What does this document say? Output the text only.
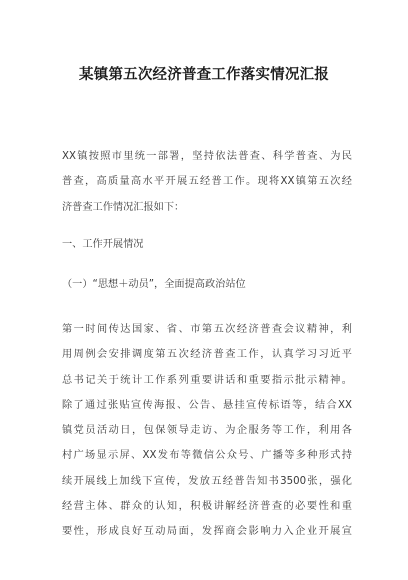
某镇第五次经济普查工作落实情况汇报

XX镇按照市里统一部署，坚持依法普查、科学普查、为民
普查，高质量高水平开展五经普工作。现将XX镇第五次经
济普查工作情况汇报如下：

一、工作开展情况

（一）“思想＋动员”，全面提高政治站位

第一时间传达国家、省、市第五次经济普查会议精神，利
用周例会安排调度第五次经济普查工作，认真学习习近平
总书记关于统计工作系列重要讲话和重要指示批示精神。
除了通过张贴宣传海报、公告、悬挂宣传标语等，结合XX
镇党员活动日，包保领导走访、为企服务等工作，利用各
村广场显示屏、XX发布等微信公众号、广播等多种形式持
续开展线上加线下宣传，发放五经普告知书3500张，强化
经营主体、群众的认知，积极讲解经济普查的必要性和重
要性，形成良好互动局面，发挥商会影响力入企业开展宣
